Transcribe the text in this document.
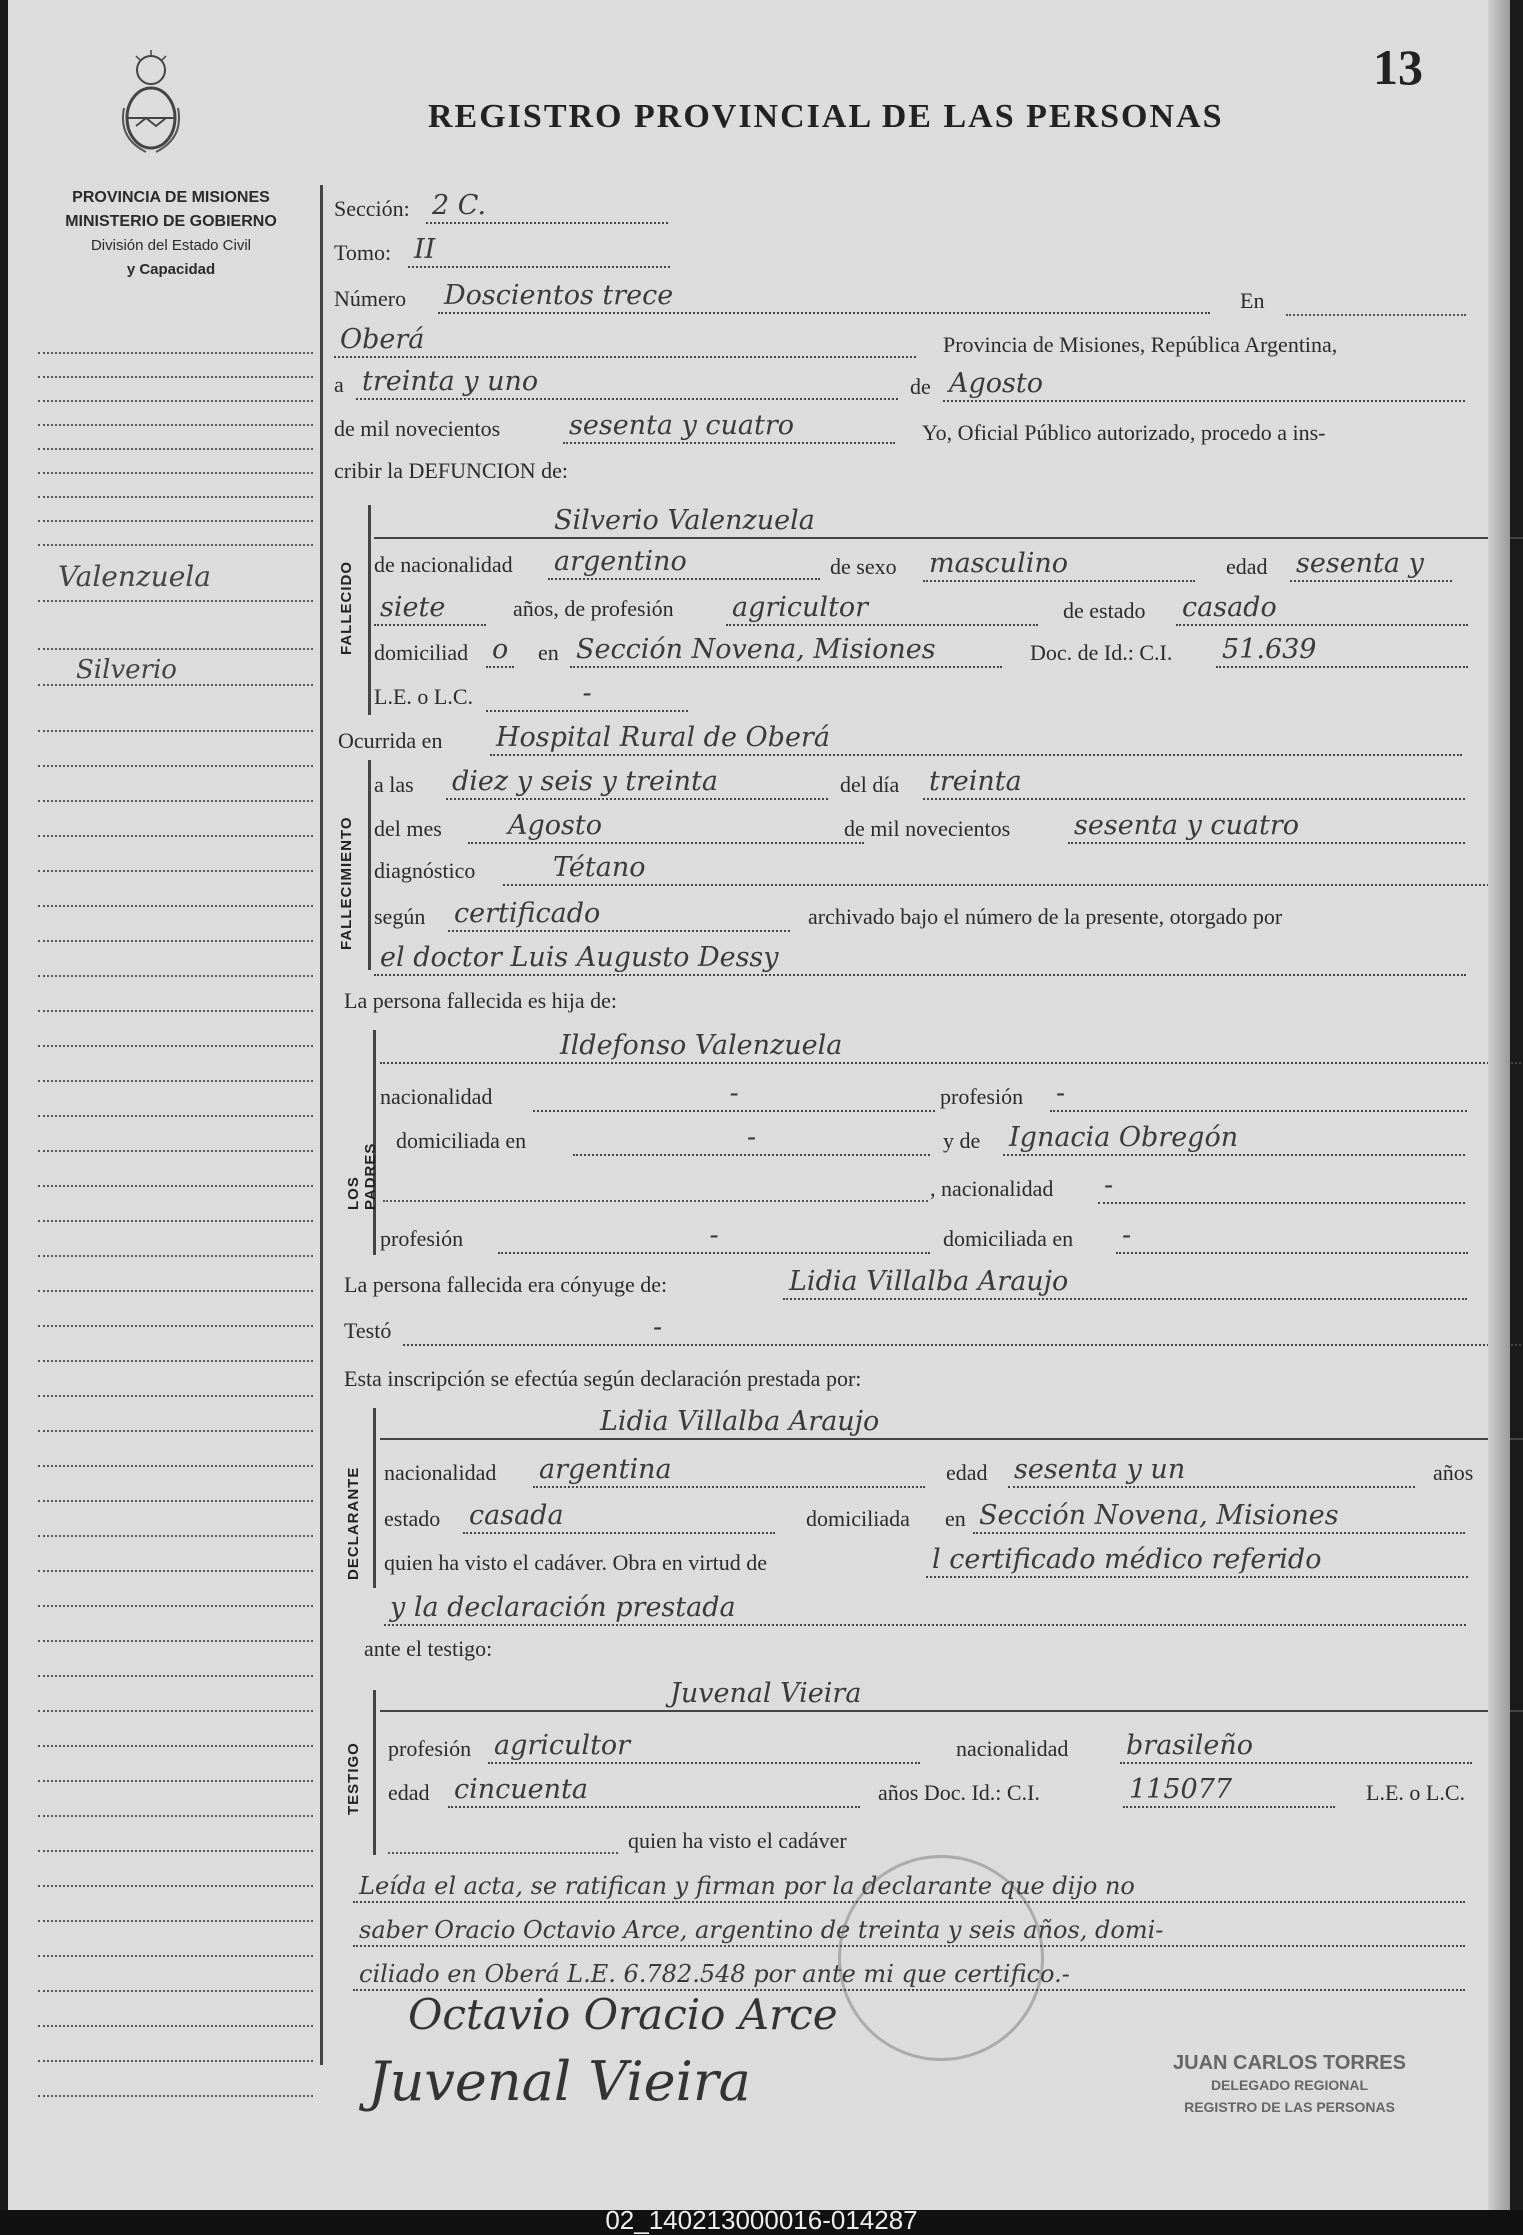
13
REGISTRO PROVINCIAL DE LAS PERSONAS
PROVINCIA DE MISIONES
MINISTERIO DE GOBIERNO
División del Estado Civil
y Capacidad
Valenzuela
Silverio
Sección: 2 C.
Tomo: II
Número Doscientos trece	En
Oberá	Provincia de Misiones, República Argentina,
a treinta y uno	de Agosto
de mil novecientos	sesenta y cuatro	Yo, Oficial Público autorizado, procedo a ins-
cribir la DEFUNCION de:
FALLECIDO
Silverio Valenzuela
de nacionalidad argentino	de sexo masculino	edad sesenta y
siete	años, de profesión agricultor	de estado casado
domiciliad o en Sección Novena, Misiones	Doc. de Id.: C.I. 51.639
L.E. o L.C.	-
Ocurrida en Hospital Rural de Oberá
FALLECIMIENTO
a las diez y seis y treinta	del día treinta
del mes	Agosto	de mil novecientos sesenta y cuatro
diagnóstico	Tétano
según certificado	archivado bajo el número de la presente, otorgado por
el doctor Luis Augusto Dessy
La persona fallecida es hija de:
LOS PADRES
Ildefonso Valenzuela
nacionalidad	-	profesión -
domiciliada en	-	y de Ignacia Obregón
, nacionalidad -
profesión	-	domiciliada en -
La persona fallecida era cónyuge de:	Lidia Villalba Araujo
Testó	-
Esta inscripción se efectúa según declaración prestada por:
DECLARANTE
Lidia Villalba Araujo
nacionalidad argentina	edad sesenta y un	años
estado casada	domiciliada en Sección Novena, Misiones
quien ha visto el cadáver. Obra en virtud de	l certificado médico referido
y la declaración prestada
ante el testigo:
TESTIGO
Juvenal Vieira
profesión agricultor	nacionalidad brasileño
edad cincuenta	años Doc. Id.: C.I.	115077	L.E. o L.C.
quien ha visto el cadáver
Leída el acta, se ratifican y firman por la declarante que dijo no
saber Oracio Octavio Arce, argentino de treinta y seis años, domi-
ciliado en Oberá L.E. 6.782.548 por ante mi que certifico.-
Octavio Oracio Arce
Juvenal Vieira	JUAN CARLOS TORRES
DELEGADO REGIONAL
REGISTRO DE LAS PERSONAS
02_140213000016-014287
